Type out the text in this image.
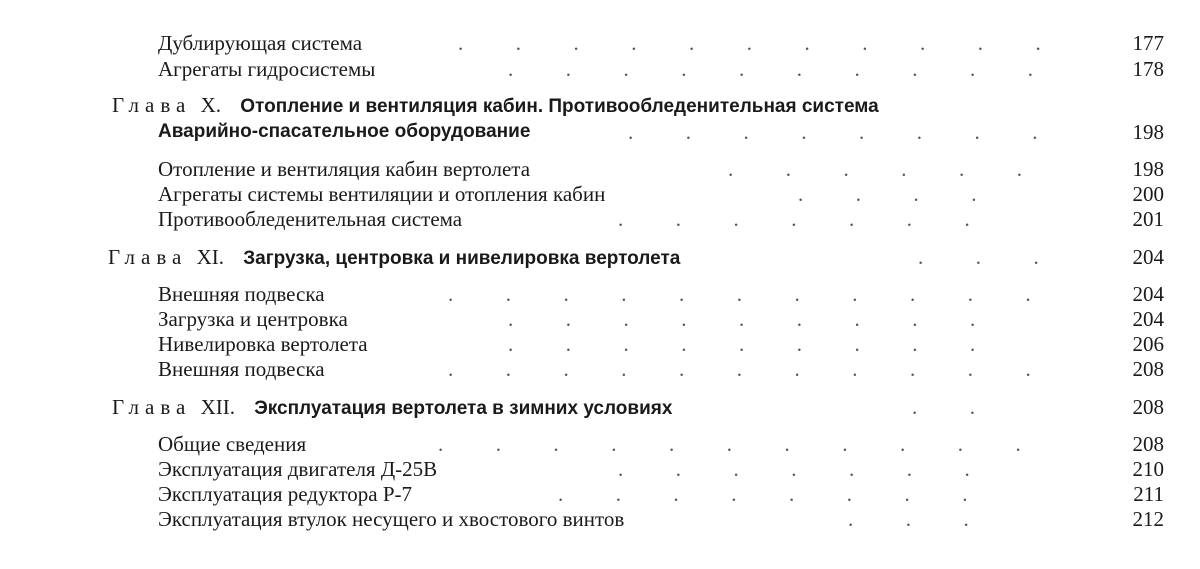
Дублирующая система	.          .          .          .          .          .          .          .          .          .          .	177
Агрегаты гидросистемы	.          .          .          .          .          .          .          .          .          .	178
Глава X. Отопление и вентиляция кабин. Противообледенительная система
Аварийно-спасательное оборудование	.          .          .          .          .          .          .          .	198
Отопление и вентиляция кабин вертолета	.          .          .          .          .          .	198
Агрегаты системы вентиляции и отопления кабин	.          .          .          .	200
Противообледенительная система	.          .          .          .          .          .          .	201
Глава XI. Загрузка, центровка и нивелировка вертолета	.          .          .	204
Внешняя подвеска	.          .          .          .          .          .          .          .          .          .          .	204
Загрузка и центровка	.          .          .          .          .          .          .          .          .	204
Нивелировка вертолета	.          .          .          .          .          .          .          .          .	206
Внешняя подвеска	.          .          .          .          .          .          .          .          .          .          .	208
Глава XII. Эксплуатация вертолета в зимних условиях	.          .	208
Общие сведения	.          .          .          .          .          .          .          .          .          .          .	208
Эксплуатация двигателя Д-25В	.          .          .          .          .          .          .	210
Эксплуатация редуктора Р-7	.          .          .          .          .          .          .          .	211
Эксплуатация втулок несущего и хвостового винтов	.          .          .	212
